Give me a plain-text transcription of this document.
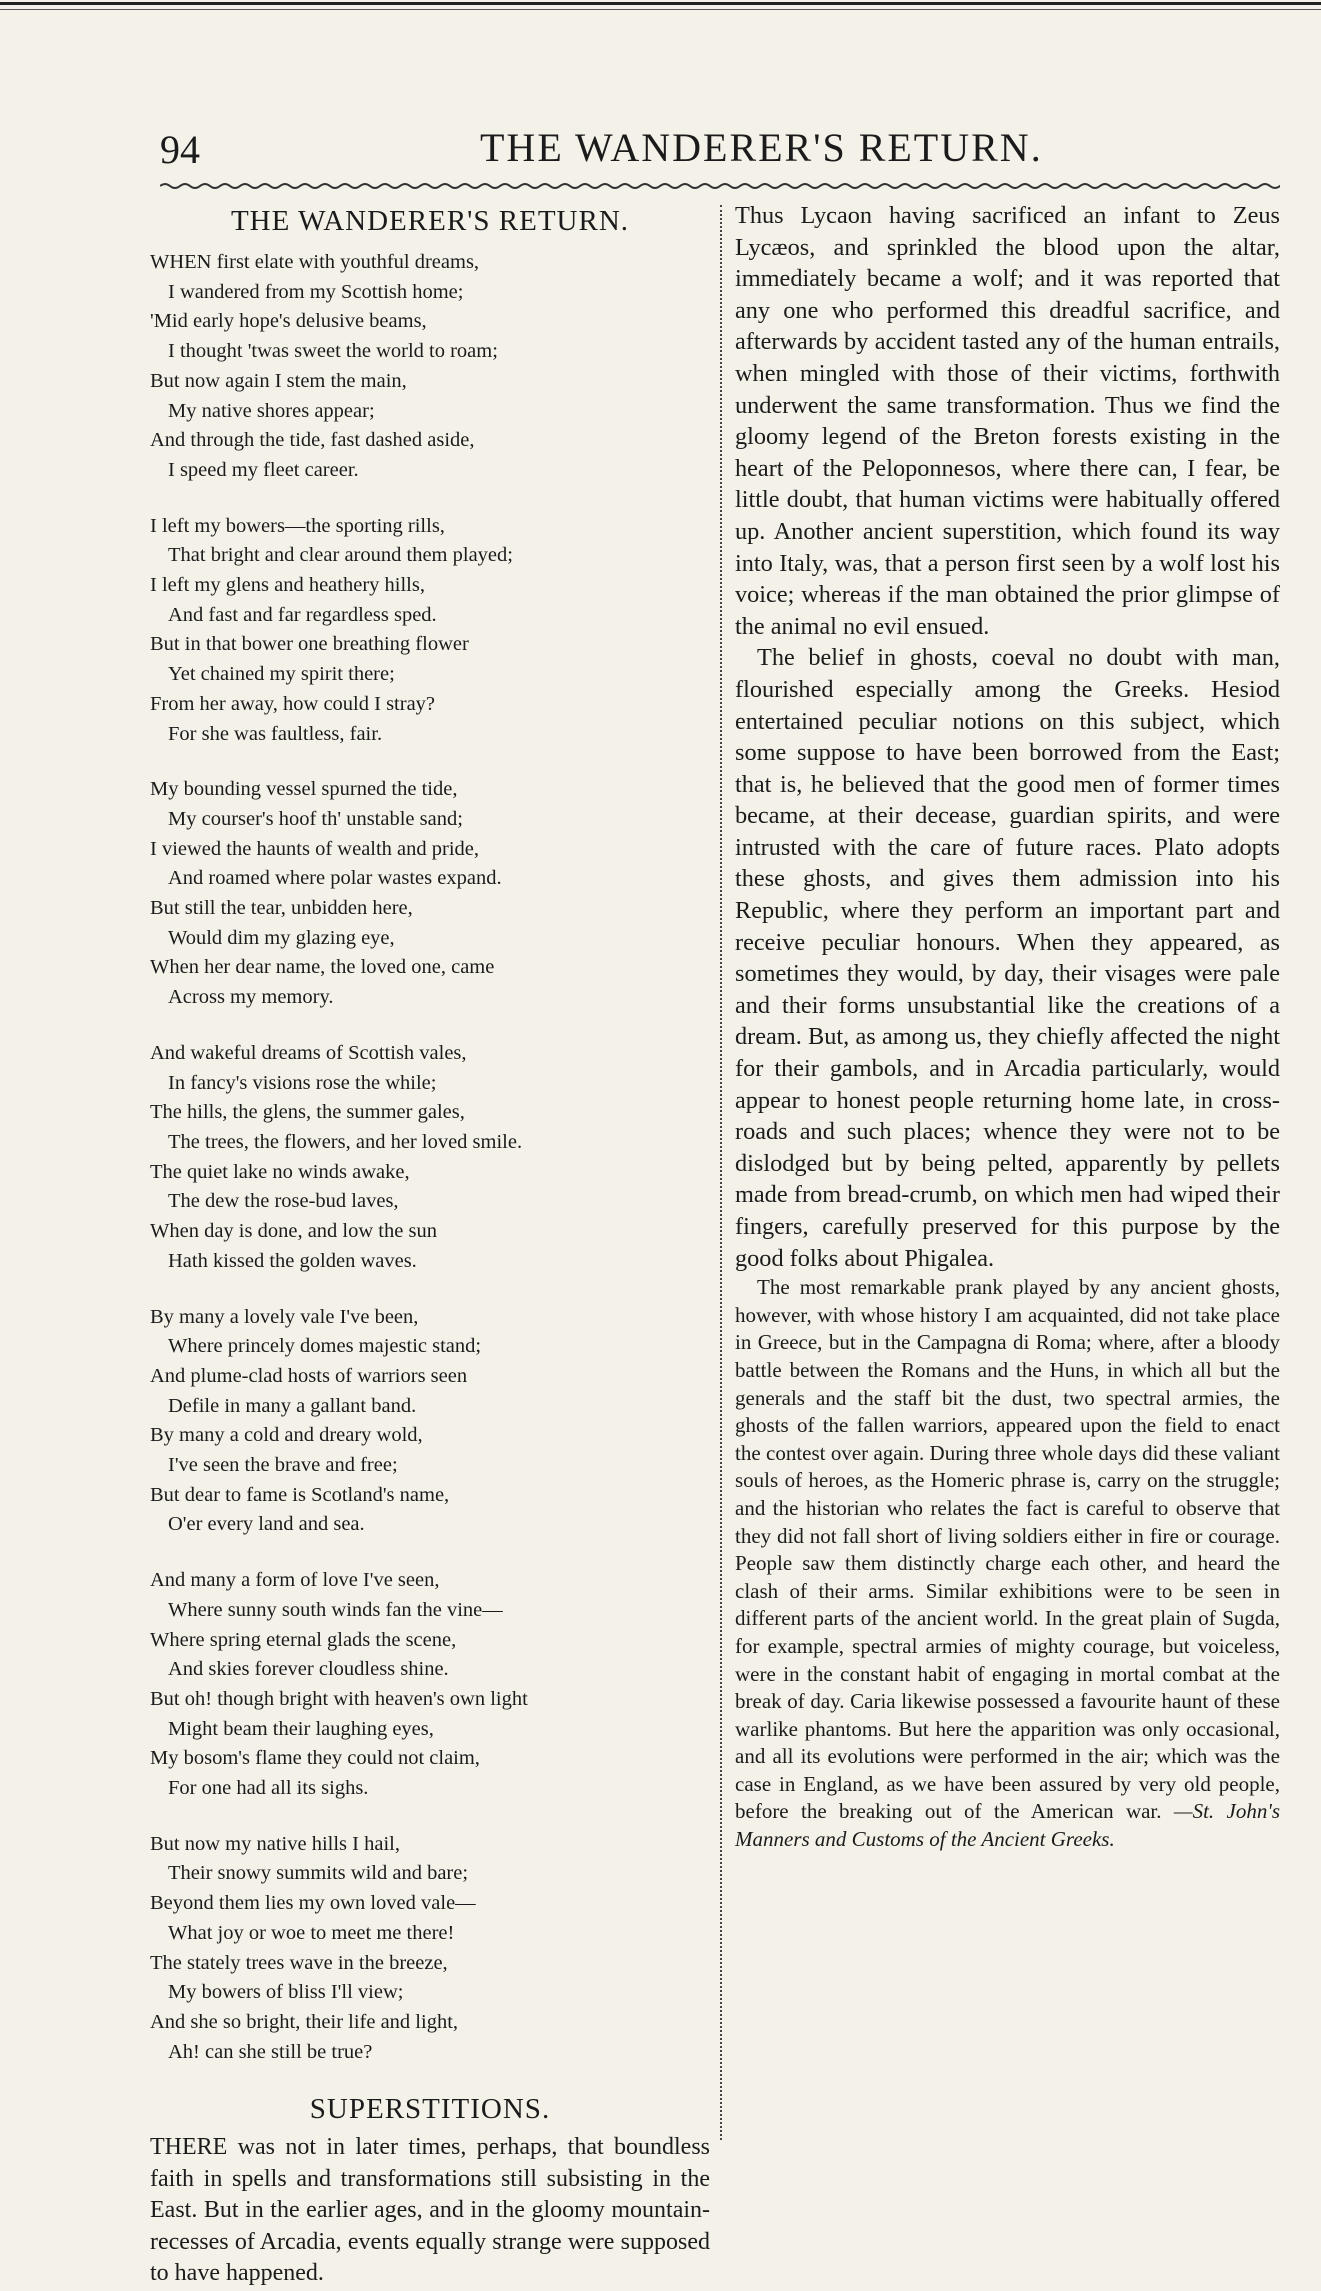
94	THE WANDERER'S RETURN.
THE WANDERER'S RETURN.
WHEN first elate with youthful dreams,
I wandered from my Scottish home;
'Mid early hope's delusive beams,
I thought 'twas sweet the world to roam;
But now again I stem the main,
My native shores appear;
And through the tide, fast dashed aside,
I speed my fleet career.
I left my bowers—the sporting rills,
That bright and clear around them played;
I left my glens and heathery hills,
And fast and far regardless sped.
But in that bower one breathing flower
Yet chained my spirit there;
From her away, how could I stray?
For she was faultless, fair.
My bounding vessel spurned the tide,
My courser's hoof th' unstable sand;
I viewed the haunts of wealth and pride,
And roamed where polar wastes expand.
But still the tear, unbidden here,
Would dim my glazing eye,
When her dear name, the loved one, came
Across my memory.
And wakeful dreams of Scottish vales,
In fancy's visions rose the while;
The hills, the glens, the summer gales,
The trees, the flowers, and her loved smile.
The quiet lake no winds awake,
The dew the rose-bud laves,
When day is done, and low the sun
Hath kissed the golden waves.
By many a lovely vale I've been,
Where princely domes majestic stand;
And plume-clad hosts of warriors seen
Defile in many a gallant band.
By many a cold and dreary wold,
I've seen the brave and free;
But dear to fame is Scotland's name,
O'er every land and sea.
And many a form of love I've seen,
Where sunny south winds fan the vine—
Where spring eternal glads the scene,
And skies forever cloudless shine.
But oh! though bright with heaven's own light
Might beam their laughing eyes,
My bosom's flame they could not claim,
For one had all its sighs.
But now my native hills I hail,
Their snowy summits wild and bare;
Beyond them lies my own loved vale—
What joy or woe to meet me there!
The stately trees wave in the breeze,
My bowers of bliss I'll view;
And she so bright, their life and light,
Ah! can she still be true?
SUPERSTITIONS.

THERE was not in later times, perhaps, that boundless faith in spells and transformations still subsisting in the East. But in the earlier ages, and in the gloomy mountain-recesses of Arcadia, events equally strange were supposed to have happened.

Thus Lycaon having sacrificed an infant to Zeus Lycæos, and sprinkled the blood upon the altar, immediately became a wolf; and it was reported that any one who performed this dreadful sacrifice, and afterwards by accident tasted any of the human entrails, when mingled with those of their victims, forthwith underwent the same transformation. Thus we find the gloomy legend of the Breton forests existing in the heart of the Peloponnesos, where there can, I fear, be little doubt, that human victims were habitually offered up. Another ancient superstition, which found its way into Italy, was, that a person first seen by a wolf lost his voice; whereas if the man obtained the prior glimpse of the animal no evil ensued.

The belief in ghosts, coeval no doubt with man, flourished especially among the Greeks. Hesiod entertained peculiar notions on this subject, which some suppose to have been borrowed from the East; that is, he believed that the good men of former times became, at their decease, guardian spirits, and were intrusted with the care of future races. Plato adopts these ghosts, and gives them admission into his Republic, where they perform an important part and receive peculiar honours. When they appeared, as sometimes they would, by day, their visages were pale and their forms unsubstantial like the creations of a dream. But, as among us, they chiefly affected the night for their gambols, and in Arcadia particularly, would appear to honest people returning home late, in cross-roads and such places; whence they were not to be dislodged but by being pelted, apparently by pellets made from bread-crumb, on which men had wiped their fingers, carefully preserved for this purpose by the good folks about Phigalea.

The most remarkable prank played by any ancient ghosts, however, with whose history I am acquainted, did not take place in Greece, but in the Campagna di Roma; where, after a bloody battle between the Romans and the Huns, in which all but the generals and the staff bit the dust, two spectral armies, the ghosts of the fallen warriors, appeared upon the field to enact the contest over again. During three whole days did these valiant souls of heroes, as the Homeric phrase is, carry on the struggle; and the historian who relates the fact is careful to observe that they did not fall short of living soldiers either in fire or courage. People saw them distinctly charge each other, and heard the clash of their arms. Similar exhibitions were to be seen in different parts of the ancient world. In the great plain of Sugda, for example, spectral armies of mighty courage, but voiceless, were in the constant habit of engaging in mortal combat at the break of day. Caria likewise possessed a favourite haunt of these warlike phantoms. But here the apparition was only occasional, and all its evolutions were performed in the air; which was the case in England, as we have been assured by very old people, before the breaking out of the American war. —St. John's Manners and Customs of the Ancient Greeks.
